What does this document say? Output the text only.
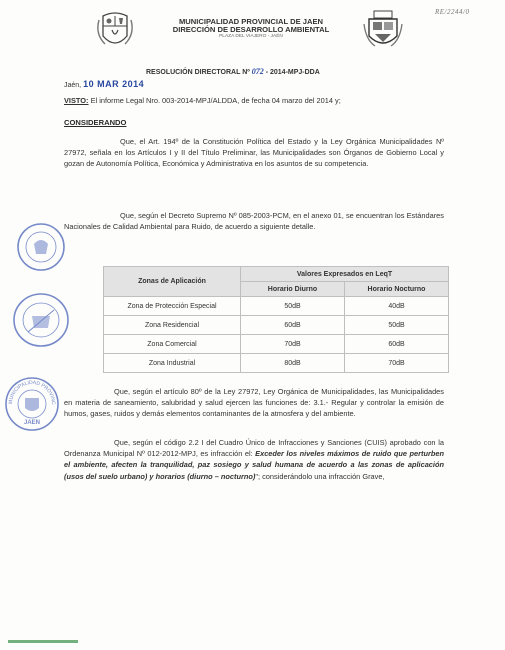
MUNICIPALIDAD PROVINCIAL DE JAEN
DIRECCIÓN DE DESARROLLO AMBIENTAL
PLAZA DEL VIAJERO - JAÉN
RE/2244/0
RESOLUCIÓN DIRECTORAL Nº 072 - 2014-MPJ-DDA
Jaén, 10 MAR 2014
VISTO: El informe Legal Nro. 003-2014-MPJ/ALDDA, de fecha 04 marzo del 2014 y;
CONSIDERANDO
Que, el Art. 194º de la Constitución Política del Estado y la Ley Orgánica Municipalidades Nº 27972, señala en los Artículos I y II del Título Preliminar, las Municipalidades son Órganos de Gobierno Local y gozan de Autonomía Política, Económica y Administrativa en los asuntos de su competencia.
Que, según el Decreto Supremo Nº 085-2003-PCM, en el anexo 01, se encuentran los Estándares Nacionales de Calidad Ambiental para Ruido, de acuerdo a siguiente detalle.
Zonas de Aplicación	Valores Expresados en LeqT	
	Horario Diurno	Horario Nocturno
Zona de Protección Especial	50dB	40dB
Zona Residencial	60dB	50dB
Zona Comercial	70dB	60dB
Zona Industrial	80dB	70dB
Que, según el artículo 80º de la Ley 27972, Ley Orgánica de Municipalidades, las Municipalidades en materia de saneamiento, salubridad y salud ejercen las funciones de: 3.1.- Regular y controlar la emisión de humos, gases, ruidos y demás elementos contaminantes de la atmosfera y del ambiente.
Que, según el código 2.2 I del Cuadro Único de Infracciones y Sanciones (CUIS) aprobado con la Ordenanza Municipal Nº 012-2012-MPJ, es infracción el: Exceder los niveles máximos de ruido que perturben el ambiente, afecten la tranquilidad, paz sosiego y salud humana de acuerdo a las zonas de aplicación (usos del suelo urbano) y horarios (diurno – nocturno)"; considerándolo una infracción Grave,
MUNICIPALIDAD PROVINC
JAEN
